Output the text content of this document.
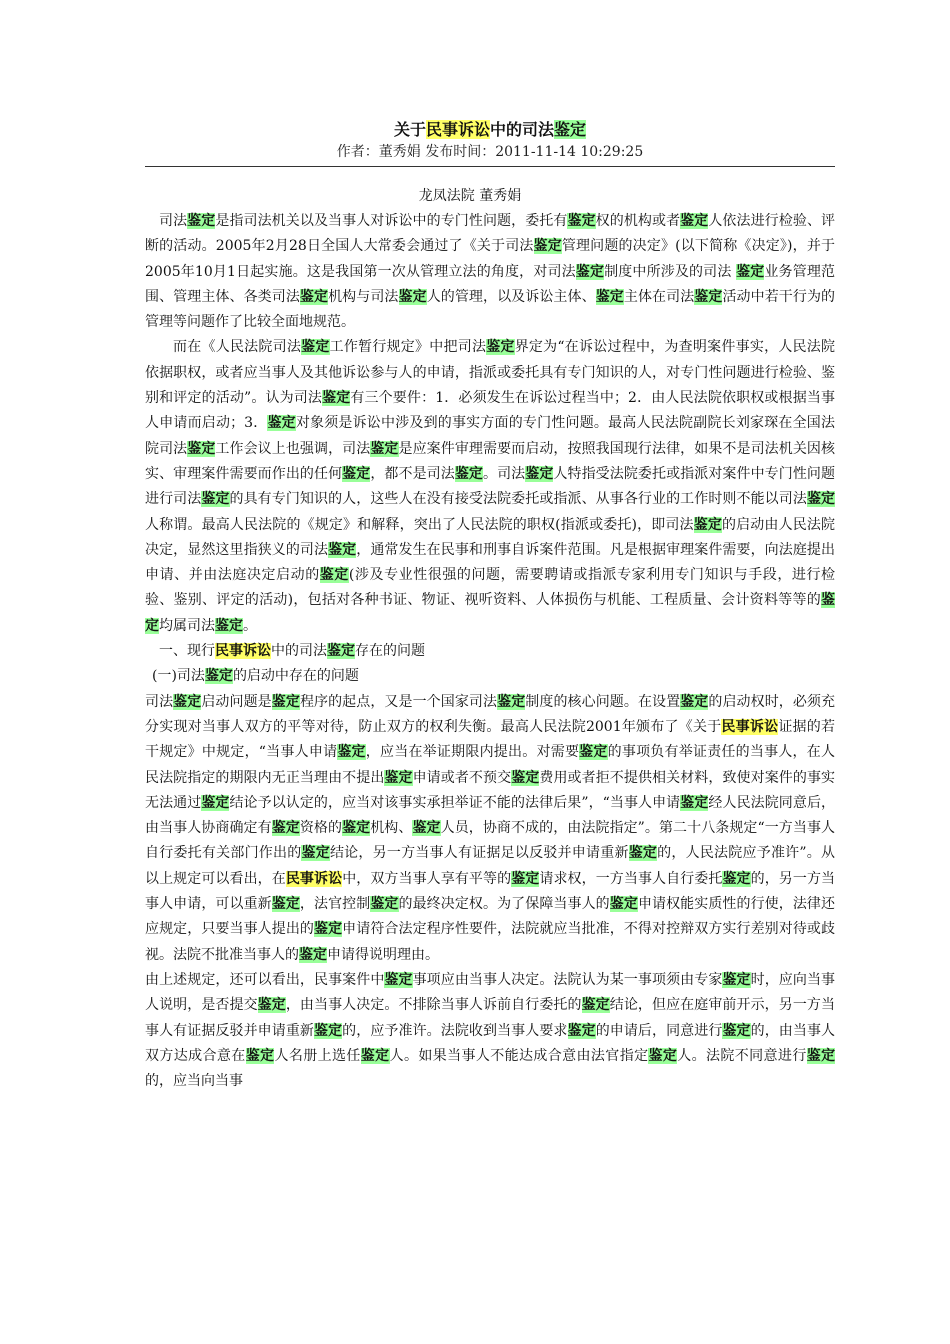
关于民事诉讼中的司法鉴定
作者：董秀娟 发布时间：2011-11-14 10:29:25
龙凤法院 董秀娟

司法鉴定是指司法机关以及当事人对诉讼中的专门性问题，委托有鉴定权的机构或者鉴定人依法进行检验、评断的活动。2005年2月28日全国人大常委会通过了《关于司法鉴定管理问题的决定》(以下简称《决定》)，并于2005年10月1日起实施。这是我国第一次从管理立法的角度，对司法鉴定制度中所涉及的司法 鉴定业务管理范围、管理主体、各类司法鉴定机构与司法鉴定人的管理，以及诉讼主体、鉴定主体在司法鉴定活动中若干行为的管理等问题作了比较全面地规范。

而在《人民法院司法鉴定工作暂行规定》中把司法鉴定界定为“在诉讼过程中，为查明案件事实，人民法院依据职权，或者应当事人及其他诉讼参与人的申请，指派或委托具有专门知识的人，对专门性问题进行检验、鉴别和评定的活动”。认为司法鉴定有三个要件：1．必须发生在诉讼过程当中；2．由人民法院依职权或根据当事人申请而启动；3．鉴定对象须是诉讼中涉及到的事实方面的专门性问题。最高人民法院副院长刘家琛在全国法院司法鉴定工作会议上也强调，司法鉴定是应案件审理需要而启动，按照我国现行法律，如果不是司法机关因核实、审理案件需要而作出的任何鉴定，都不是司法鉴定。司法鉴定人特指受法院委托或指派对案件中专门性问题进行司法鉴定的具有专门知识的人，这些人在没有接受法院委托或指派、从事各行业的工作时则不能以司法鉴定人称谓。最高人民法院的《规定》和解释，突出了人民法院的职权(指派或委托)，即司法鉴定的启动由人民法院决定，显然这里指狭义的司法鉴定，通常发生在民事和刑事自诉案件范围。凡是根据审理案件需要，向法庭提出申请、并由法庭决定启动的鉴定(涉及专业性很强的问题，需要聘请或指派专家利用专门知识与手段，进行检验、鉴别、评定的活动)，包括对各种书证、物证、视听资料、人体损伤与机能、工程质量、会计资料等等的鉴定均属司法鉴定。

一、现行民事诉讼中的司法鉴定存在的问题

(一)司法鉴定的启动中存在的问题

司法鉴定启动问题是鉴定程序的起点，又是一个国家司法鉴定制度的核心问题。在设置鉴定的启动权时，必须充分实现对当事人双方的平等对待，防止双方的权利失衡。最高人民法院2001年颁布了《关于民事诉讼证据的若干规定》中规定，“当事人申请鉴定，应当在举证期限内提出。对需要鉴定的事项负有举证责任的当事人，在人民法院指定的期限内无正当理由不提出鉴定申请或者不预交鉴定费用或者拒不提供相关材料，致使对案件的事实无法通过鉴定结论予以认定的，应当对该事实承担举证不能的法律后果”，“当事人申请鉴定经人民法院同意后，由当事人协商确定有鉴定资格的鉴定机构、鉴定人员，协商不成的，由法院指定”。第二十八条规定“一方当事人自行委托有关部门作出的鉴定结论，另一方当事人有证据足以反驳并申请重新鉴定的，人民法院应予准许”。从以上规定可以看出，在民事诉讼中，双方当事人享有平等的鉴定请求权，一方当事人自行委托鉴定的，另一方当事人申请，可以重新鉴定，法官控制鉴定的最终决定权。为了保障当事人的鉴定申请权能实质性的行使，法律还应规定，只要当事人提出的鉴定申请符合法定程序性要件，法院就应当批准，不得对控辩双方实行差别对待或歧视。法院不批准当事人的鉴定申请得说明理由。

由上述规定，还可以看出，民事案件中鉴定事项应由当事人决定。法院认为某一事项须由专家鉴定时，应向当事人说明，是否提交鉴定，由当事人决定。不排除当事人诉前自行委托的鉴定结论，但应在庭审前开示，另一方当事人有证据反驳并申请重新鉴定的，应予准许。法院收到当事人要求鉴定的申请后，同意进行鉴定的，由当事人双方达成合意在鉴定人名册上选任鉴定人。如果当事人不能达成合意由法官指定鉴定人。法院不同意进行鉴定的，应当向当事
